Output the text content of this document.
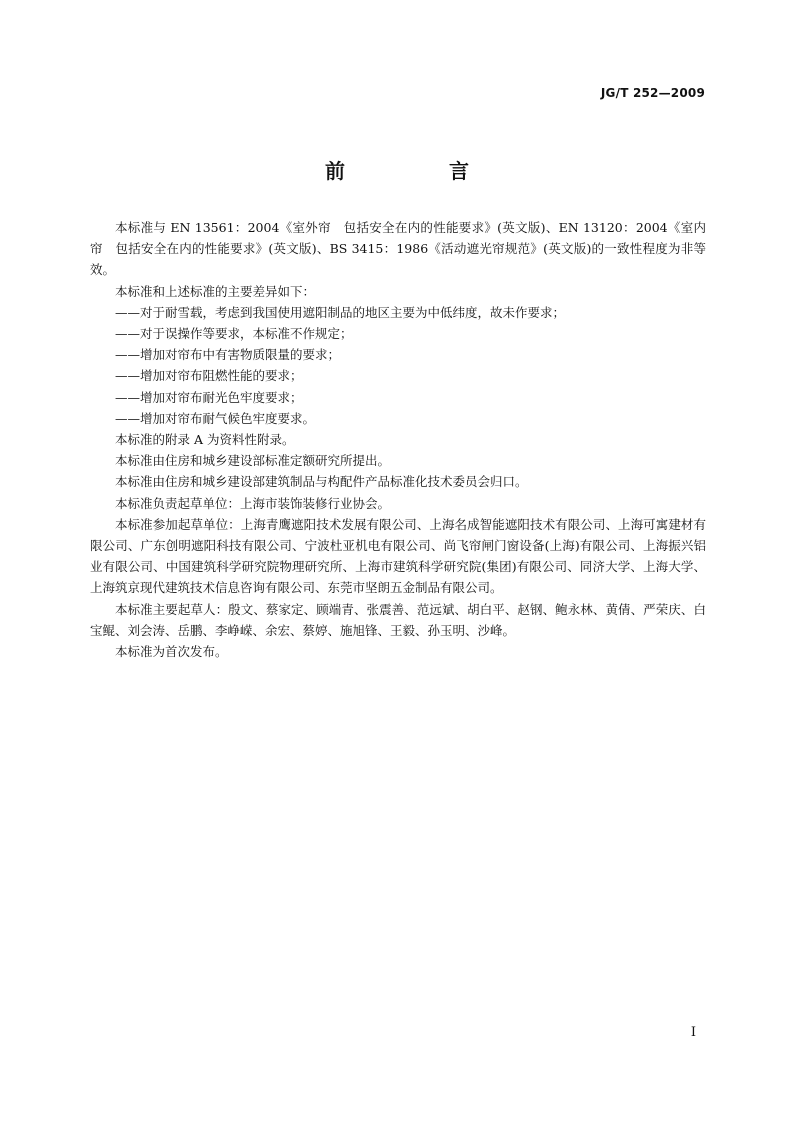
JG/T 252—2009
前　言

本标准与 EN 13561：2004《室外帘　包括安全在内的性能要求》(英文版)、EN 13120：2004《室内帘　包括安全在内的性能要求》(英文版)、BS 3415：1986《活动遮光帘规范》(英文版)的一致性程度为非等效。

本标准和上述标准的主要差异如下：

——对于耐雪载，考虑到我国使用遮阳制品的地区主要为中低纬度，故未作要求；

——对于误操作等要求，本标准不作规定；

——增加对帘布中有害物质限量的要求；

——增加对帘布阻燃性能的要求；

——增加对帘布耐光色牢度要求；

——增加对帘布耐气候色牢度要求。

本标准的附录 A 为资料性附录。

本标准由住房和城乡建设部标准定额研究所提出。

本标准由住房和城乡建设部建筑制品与构配件产品标准化技术委员会归口。

本标准负责起草单位：上海市装饰装修行业协会。

本标准参加起草单位：上海青鹰遮阳技术发展有限公司、上海名成智能遮阳技术有限公司、上海可寓建材有限公司、广东创明遮阳科技有限公司、宁波杜亚机电有限公司、尚飞帘闸门窗设备(上海)有限公司、上海振兴铝业有限公司、中国建筑科学研究院物理研究所、上海市建筑科学研究院(集团)有限公司、同济大学、上海大学、上海筑京现代建筑技术信息咨询有限公司、东莞市坚朗五金制品有限公司。

本标准主要起草人：殷文、蔡家定、顾端青、张震善、范远斌、胡白平、赵钢、鲍永林、黄倩、严荣庆、白宝鲲、刘会涛、岳鹏、李峥嵘、余宏、蔡婷、施旭锋、王毅、孙玉明、沙峰。

本标准为首次发布。

I
